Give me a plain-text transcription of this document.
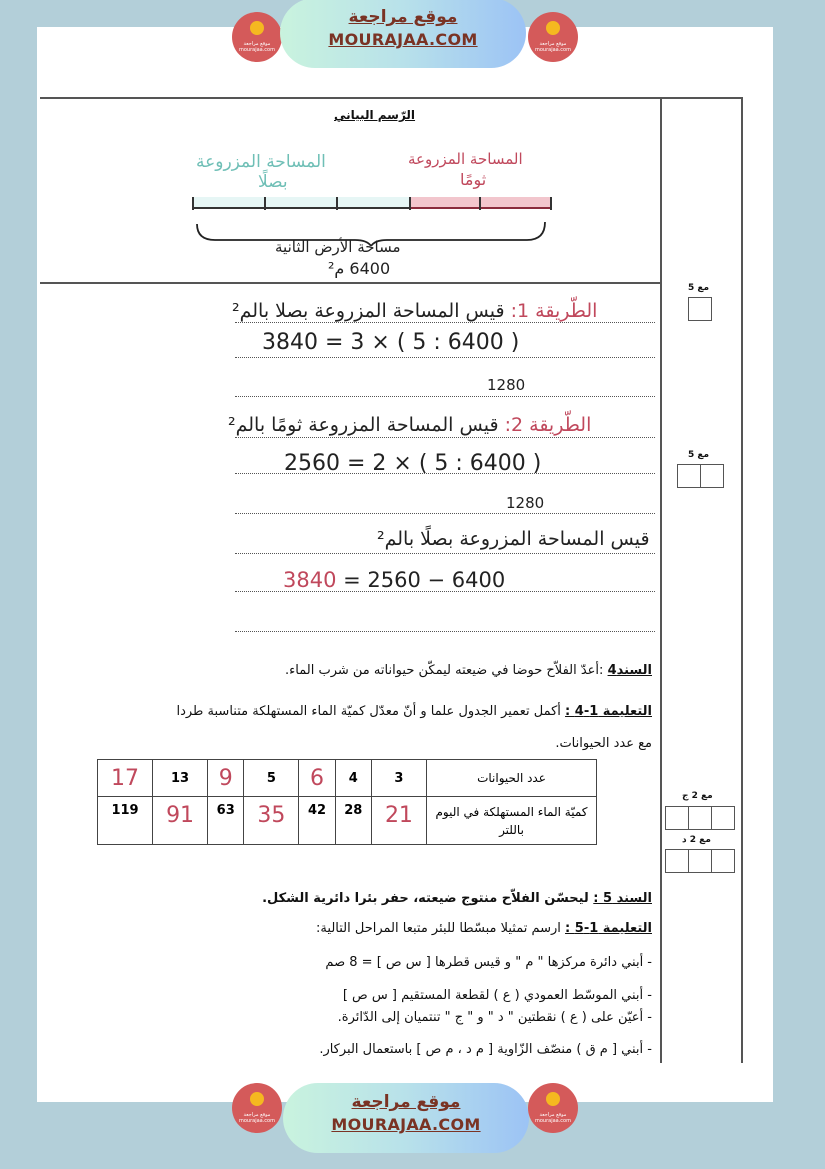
موقع مراجعة
mourajaa.com
موقع مراجعة
MOURAJAA.COM	موقع مراجعة
mourajaa.com
الرّسم البياني
المساحة المزروعة
ثومًا
المساحة المزروعة
بصلًا
مساحة الأرض الثانية
6400 م²
الطّريقة 1: قيس المساحة المزروعة بصلا بالم²
3840 = 3 × ( 5 : 6400 )
1280
الطّريقة 2: قيس المساحة المزروعة ثومًا بالم²
2560 = 2 × ( 5 : 6400 )
1280
قيس المساحة المزروعة بصلًا بالم²
3840 = 2560 − 6400
السند4 :أعدّ الفلاّح حوضا في ضيعته ليمكّن حيواناته من شرب الماء.
التعليمة 1-4 : أكمل تعمير الجدول علما و أنّ معدّل كميّة الماء المستهلكة متناسبة طردا
مع عدد الحيوانات.
17	13	9	5	6	4	3	عدد الحيوانات
119	91	63	35	42	28	21	كميّة الماء المستهلكة في اليوم باللتر
السند 5 : ليحسّن الفلاّح منتوج ضيعته، حفر بئرا دائرية الشكل.
التعليمة 1-5 : ارسم تمثيلا مبسّطا للبئر متبعا المراحل التالية:
- أبني دائرة مركزها " م " و قيس قطرها [ س ص ] = 8 صم
- أبني الموسّط العمودي ( ع ) لقطعة المستقيم [ س ص ]
- أعيّن على ( ع ) نقطتين " د " و " ج " تنتميان إلى الدّائرة.
- أبني [ م ق ) منصّف الزّاوية [ م د ، م ص ] باستعمال البركار.
مع 5
مع 5
مع 2 ج
مع 2 د
موقع مراجعة
mourajaa.com
موقع مراجعة
MOURAJAA.COM	موقع مراجعة
mourajaa.com
